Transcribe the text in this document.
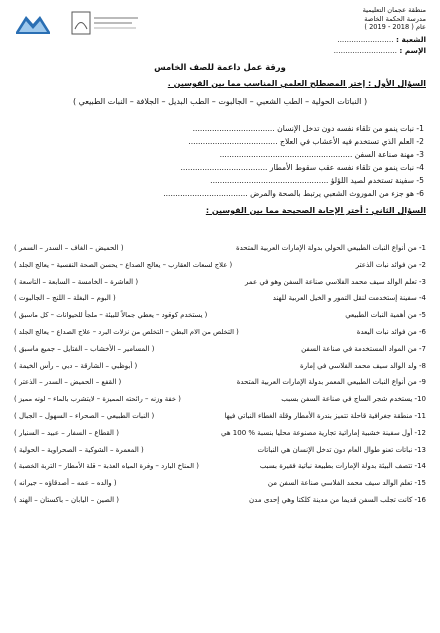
منطقة عجمان التعليمية
مدرسة الحكمة الخاصة
عام ( 2018 - 2019 )
الشعبة : ........................
الإسم : ...........................
ورقة عمل داعمة للصف الخامس
السؤال الأول : إختر المصطلح العلمي المناسب مما بين القوسين .
( النباتات الحولية – الطب الشعبي – الجالبوت – الطب البديل – الجلافة – النبات الطبيعي )
1- نبات ينمو من تلقاء نفسه دون تدخل الإنسان ..................................
2- العلم الذي تستخدم فيه الأعشاب في العلاج .....................................
3- مهنة صناعة السفن .......................................................
4- نبات ينمو من تلقاء نفسه عقب سقوط الأمطار ....................................
5- سفينة تستخدم لصيد اللؤلؤ .................................................
6- هو جزء من الموروث الشعبي يرتبط بالصحة والمرض ...................................
السؤال الثاني : أختر الإجابة الصحيحة مما بين القوسين :
1- من أنواع النبات الطبيعي الحولي بدولة الإمارات العربية المتحدة
( الحميض – الغاف – السدر – السمر )
2- من فوائد نبات الذعتر
( علاج لسعات العقارب – يعالج الصداع – يحسن الصحة النفسية – يعالج الجلد )
3- تعلم الوالد سيف محمد الفلاسي صناعة السفن وهو في عمر
( العاشرة – الخامسة – السابعة – التاسعة )
4- سفينة إستخدمت لنقل التمور و الخيل العربية للهند
( البوم – البغلة – اللنج – الجالبوت )
5- من أهمية النبات الطبيعي
( يستخدم كوقود – يعطي جمالاً للبيئة – ملجأ للحيوانات – كل ماسبق )
6- من فوائد نبات اليعدة
( التخلص من الام البطن – التخلص من نزلات البرد – علاج الصداع – يعالج الجلد )
7- من المواد المستخدمة في صناعة السفن
( المسامير – الأخشاب – الفتايل – جميع ماسبق )
8- ولد الوالد سيف محمد الفلاسي في إمارة
( أبوظبي – الشارقة – دبي – رأس الخيمة )
9- من أنواع النبات الطبيعي المعمر بدولة الإمارات العربية المتحدة
( القفع – الحميض – السدر – الذعتر )
10- يستخدم شجر الساج في صناعة السفن بسبب
( خفة وزنه – رائحته المميزة – لايتشرب بالماء – لونه مميز )
11- منطقة جغرافية قاحلة تتميز بندرة الأمطار وقلة الغطاء النباتي فيها
( النبات الطبيعي – الصحراء – السهول – الجبال )
12- أول سفينة خشبية إماراتية تجارية مصنوعة محليا بنسبة % 100 هي
( القطاع – السفار – عبيد – السنيار )
13- نباتات تعنو طوال العام دون تدخل الإنسان هي النباتات
( المعمرة – الشوكية – الصحراوية – الحولية )
14- تتصف البيئة بدولة الإمارات بطبيعة نباتية فقيرة بسبب
( المناخ البارد – وفرة المياه العذبة – قلة الأمطار – التربة الخصبة )
15- تعلم الوالد سيف محمد الفلاسي صناعة السفن من
( والده – عمه – أصدقاؤه – جيرانه )
16- كانت تجلب السفن قديما من مدينة كلكتا وهي إحدى مدن
( الصين – اليابان – باكستان – الهند )
